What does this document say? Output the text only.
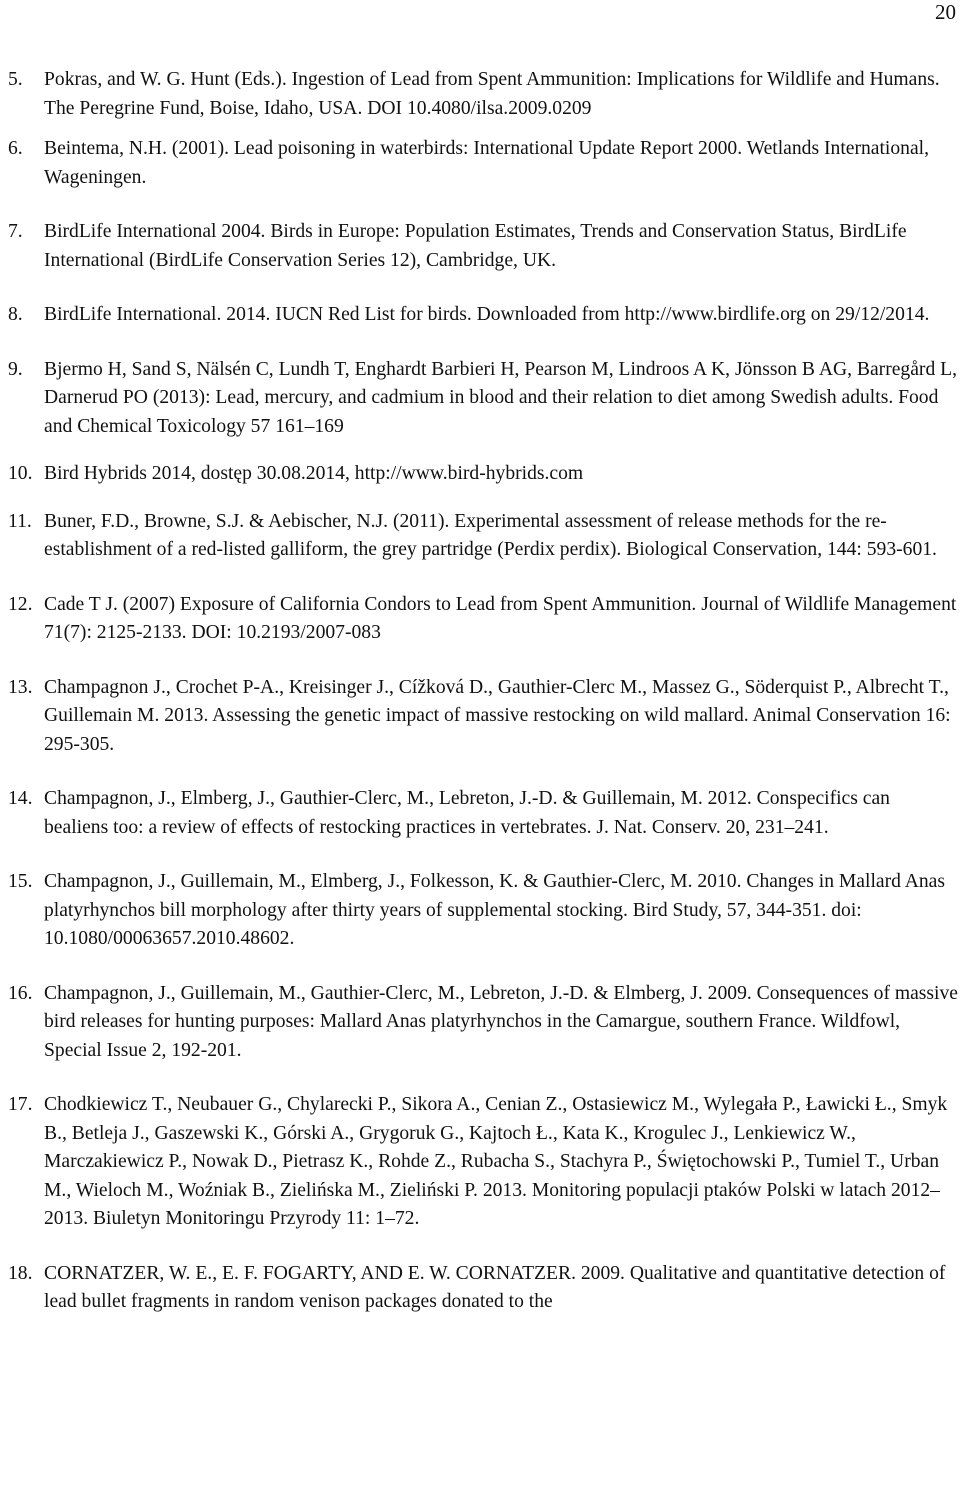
20
5. Pokras, and W. G. Hunt (Eds.). Ingestion of Lead from Spent Ammunition: Implications for Wildlife and Humans. The Peregrine Fund, Boise, Idaho, USA. DOI 10.4080/ilsa.2009.0209
6. Beintema, N.H. (2001). Lead poisoning in waterbirds: International Update Report 2000. Wetlands International, Wageningen.
7. BirdLife International 2004. Birds in Europe: Population Estimates, Trends and Conservation Status, BirdLife International (BirdLife Conservation Series 12), Cambridge, UK.
8. BirdLife International. 2014. IUCN Red List for birds. Downloaded from http://www.birdlife.org on 29/12/2014.
9. Bjermo H, Sand S, Nälsén C, Lundh T, Enghardt Barbieri H, Pearson M, Lindroos A K, Jönsson B AG, Barregård L, Darnerud PO (2013): Lead, mercury, and cadmium in blood and their relation to diet among Swedish adults. Food and Chemical Toxicology 57 161–169
10. Bird Hybrids 2014, dostęp 30.08.2014, http://www.bird-hybrids.com
11. Buner, F.D., Browne, S.J. & Aebischer, N.J. (2011). Experimental assessment of release methods for the re-establishment of a red-listed galliform, the grey partridge (Perdix perdix). Biological Conservation, 144: 593-601.
12. Cade T J. (2007) Exposure of California Condors to Lead from Spent Ammunition. Journal of Wildlife Management 71(7): 2125-2133. DOI: 10.2193/2007-083
13. Champagnon J., Crochet P-A., Kreisinger J., Cížková D., Gauthier-Clerc M., Massez G., Söderquist P., Albrecht T., Guillemain M. 2013. Assessing the genetic impact of massive restocking on wild mallard. Animal Conservation 16: 295-305.
14. Champagnon, J., Elmberg, J., Gauthier-Clerc, M., Lebreton, J.-D. & Guillemain, M. 2012. Conspecifics can bealiens too: a review of effects of restocking practices in vertebrates. J. Nat. Conserv. 20, 231–241.
15. Champagnon, J., Guillemain, M., Elmberg, J., Folkesson, K. & Gauthier-Clerc, M. 2010. Changes in Mallard Anas platyrhynchos bill morphology after thirty years of supplemental stocking. Bird Study, 57, 344-351. doi: 10.1080/00063657.2010.48602.
16. Champagnon, J., Guillemain, M., Gauthier-Clerc, M., Lebreton, J.-D. & Elmberg, J. 2009. Consequences of massive bird releases for hunting purposes: Mallard Anas platyrhynchos in the Camargue, southern France. Wildfowl, Special Issue 2, 192-201.
17. Chodkiewicz T., Neubauer G., Chylarecki P., Sikora A., Cenian Z., Ostasiewicz M., Wylegała P., Ławicki Ł., Smyk B., Betleja J., Gaszewski K., Górski A., Grygoruk G., Kajtoch Ł., Kata K., Krogulec J., Lenkiewicz W., Marczakiewicz P., Nowak D., Pietrasz K., Rohde Z., Rubacha S., Stachyra P., Świętochowski P., Tumiel T., Urban M., Wieloch M., Woźniak B., Zielińska M., Zieliński P. 2013. Monitoring populacji ptaków Polski w latach 2012–2013. Biuletyn Monitoringu Przyrody 11: 1–72.
18. CORNATZER, W. E., E. F. FOGARTY, AND E. W. CORNATZER. 2009. Qualitative and quantitative detection of lead bullet fragments in random venison packages donated to the
